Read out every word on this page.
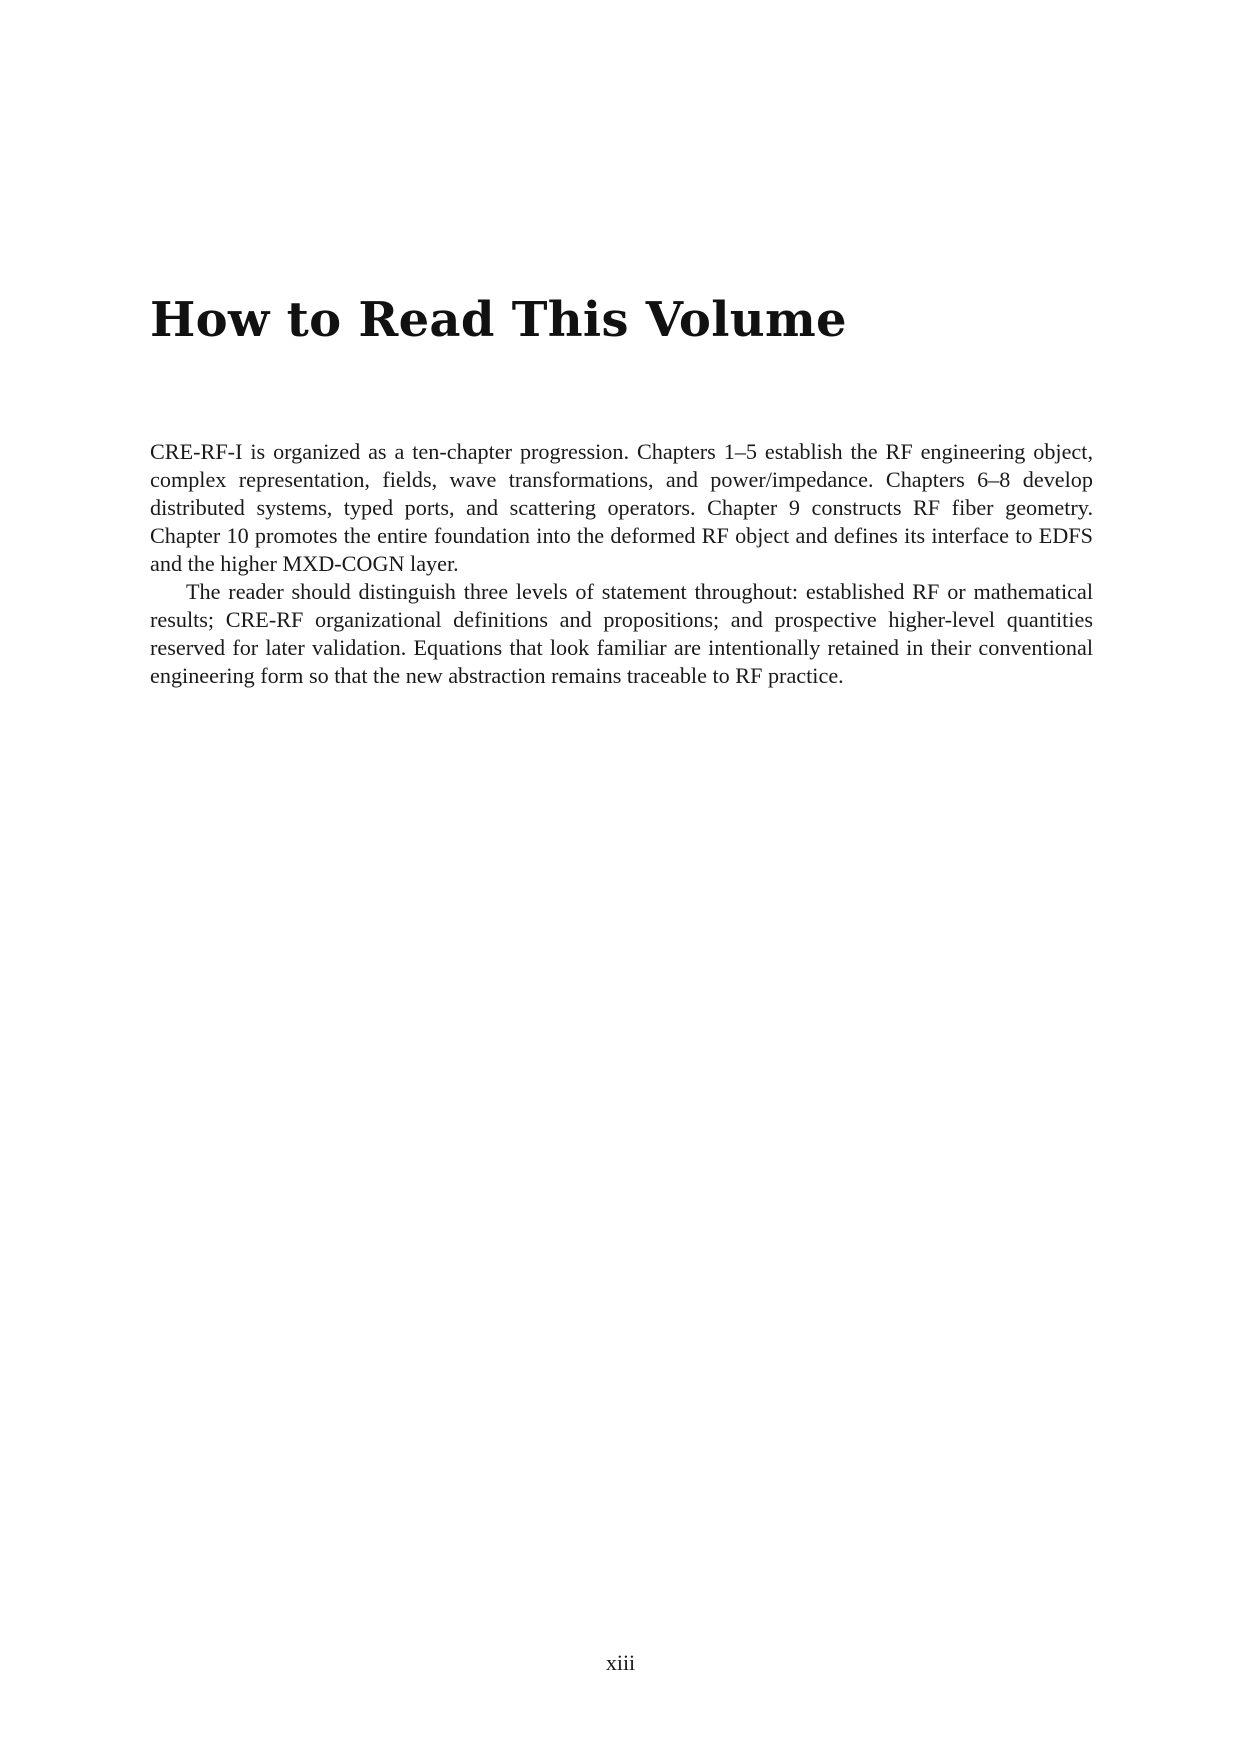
How to Read This Volume

CRE-RF-I is organized as a ten-chapter progression. Chapters 1–5 establish the RF engineering object, complex representation, fields, wave transformations, and power/impedance. Chapters 6–8 develop distributed systems, typed ports, and scattering operators. Chapter 9 constructs RF fiber geometry. Chapter 10 promotes the entire foundation into the deformed RF object and defines its interface to EDFS and the higher MXD-COGN layer.

The reader should distinguish three levels of statement throughout: established RF or mathematical results; CRE-RF organizational definitions and propositions; and prospective higher-level quantities reserved for later validation. Equations that look familiar are intentionally retained in their conventional engineering form so that the new abstraction remains traceable to RF practice.

xiii
